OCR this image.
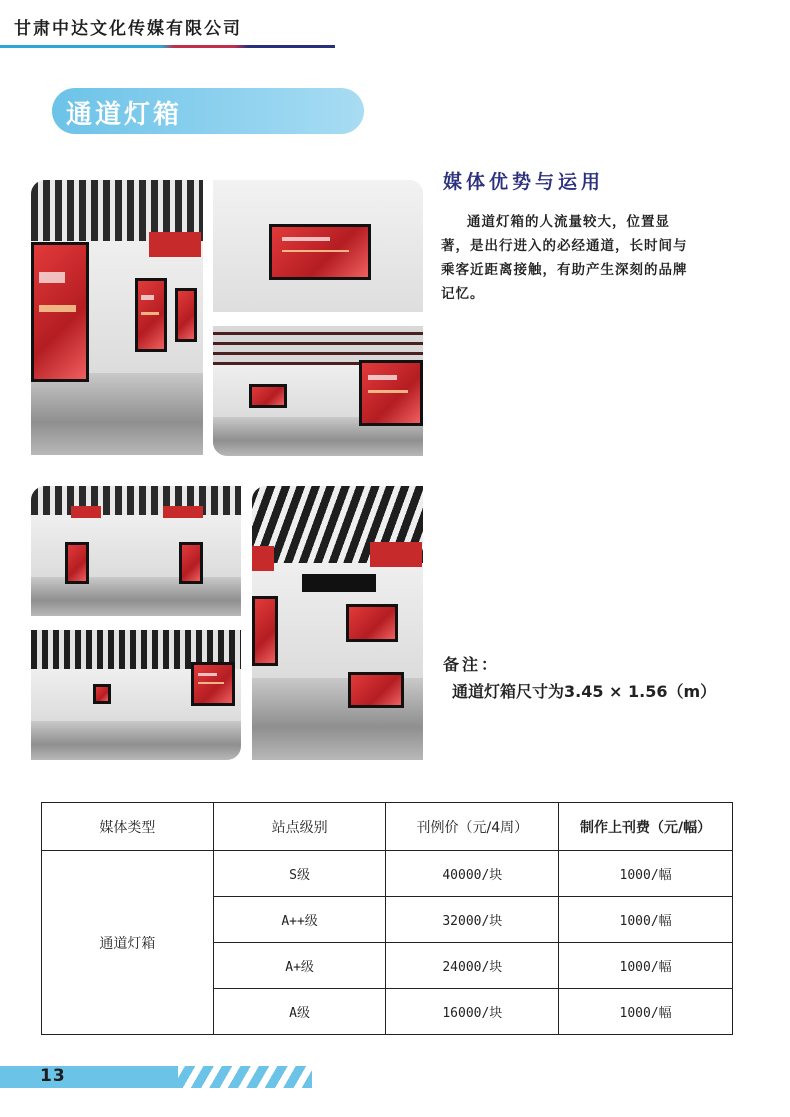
甘肃中达文化传媒有限公司
通道灯箱
媒体优势与运用
通道灯箱的人流量较大，位置显著，是出行进入的必经通道，长时间与乘客近距离接触，有助产生深刻的品牌记忆。
备注：
通道灯箱尺寸为3.45 × 1.56（m）
媒体类型	站点级别	刊例价（元/4周）	制作上刊费（元/幅）
通道灯箱	S级	40000/块	1000/幅
	A++级	32000/块	1000/幅
	A+级	24000/块	1000/幅
	A级	16000/块	1000/幅
13
